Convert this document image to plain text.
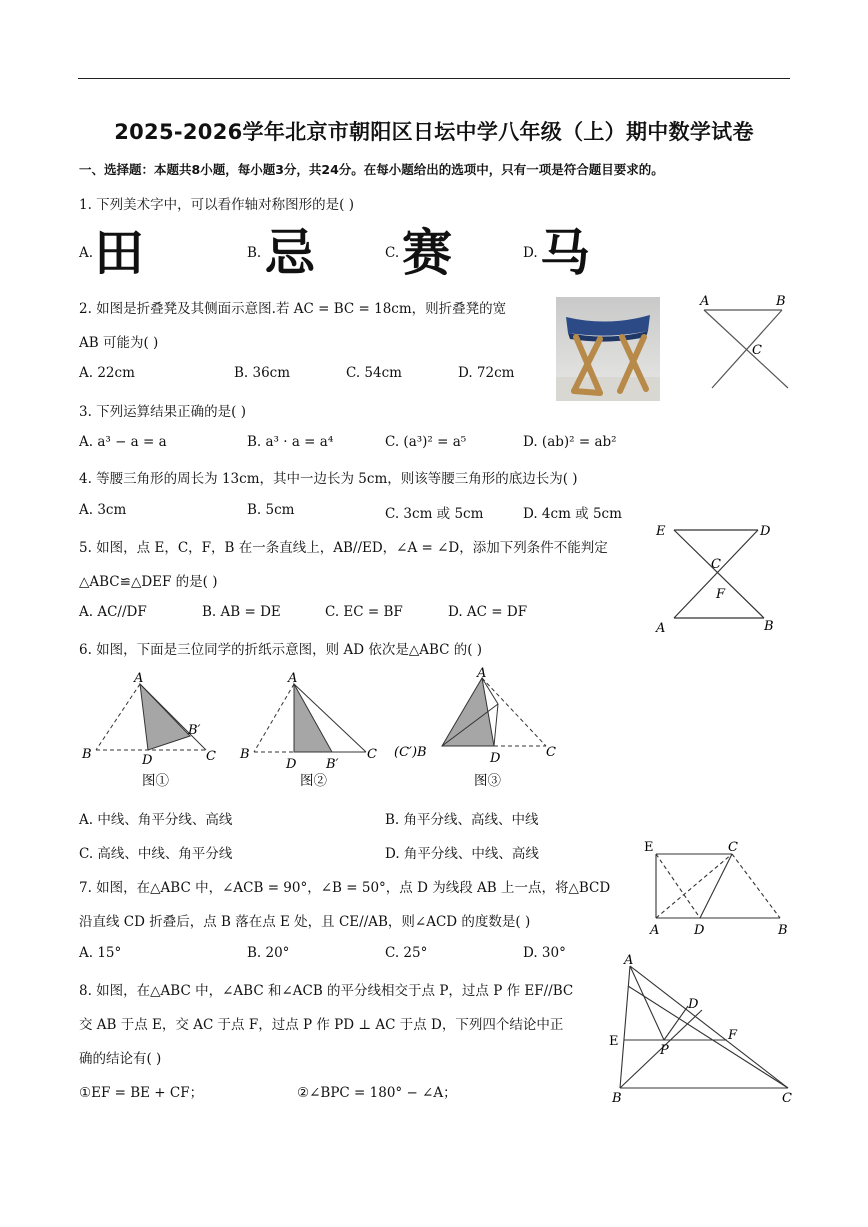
2025-2026学年北京市朝阳区日坛中学八年级（上）期中数学试卷
一、选择题：本题共8小题，每小题3分，共24分。在每小题给出的选项中，只有一项是符合题目要求的。
1. 下列美术字中，可以看作轴对称图形的是( )
A. 田	B. 忌	C. 赛	D. 马
2. 如图是折叠凳及其侧面示意图.若 AC = BC = 18cm，则折叠凳的宽
AB 可能为( )
A. 22cm	B. 36cm	C. 54cm	D. 72cm
A	B
C
3. 下列运算结果正确的是( )
A. a³ − a = a	B. a³ · a = a⁴	C. (a³)² = a⁵	D. (ab)² = ab²
4. 等腰三角形的周长为 13cm，其中一边长为 5cm，则该等腰三角形的底边长为( )
A. 3cm	B. 5cm	C. 3cm 或 5cm	D. 4cm 或 5cm
5. 如图，点 E，C，F，B 在一条直线上，AB//ED，∠A = ∠D，添加下列条件不能判定
△ABC≌△DEF 的是( )
A. AC//DF	B. AB = DE	C. EC = BF	D. AC = DF
E	D
C
F
A	B
6. 如图，下面是三位同学的折纸示意图，则 AD 依次是△ABC 的( )
A
B	C
D
B′
图①
A
B	C
D B′
图②
A
(C′)B	C
D
图③
A. 中线、角平分线、高线	B. 角平分线、高线、中线
C. 高线、中线、角平分线	D. 角平分线、中线、高线
7. 如图，在△ABC 中，∠ACB = 90°，∠B = 50°，点 D 为线段 AB 上一点，将△BCD
沿直线 CD 折叠后，点 B 落在点 E 处，且 CE//AB，则∠ACD 的度数是( )
A. 15°	B. 20°	C. 25°	D. 30°
E	C
A	D	B
8. 如图，在△ABC 中，∠ABC 和∠ACB 的平分线相交于点 P，过点 P 作 EF//BC
交 AB 于点 E，交 AC 于点 F，过点 P 作 PD ⊥ AC 于点 D，下列四个结论中正
确的结论有( )
①EF = BE + CF；	②∠BPC = 180° − ∠A；
A
D
E	F
P
B	C
